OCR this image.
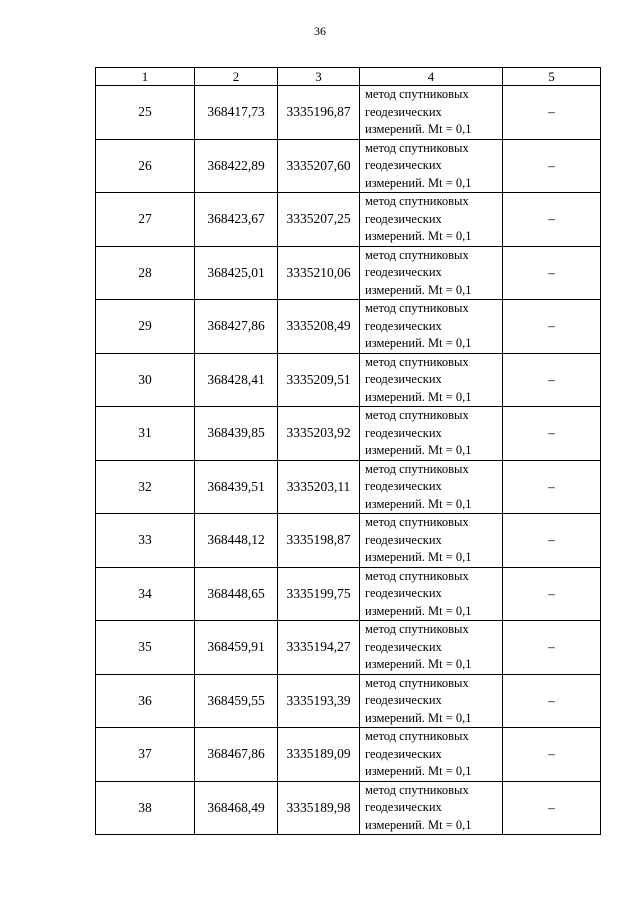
36
1	2	3	4	5
25	368417,73	3335196,87	метод спутниковых
геодезических
измерений. Mt = 0,1	–
26	368422,89	3335207,60	метод спутниковых
геодезических
измерений. Mt = 0,1	–
27	368423,67	3335207,25	метод спутниковых
геодезических
измерений. Mt = 0,1	–
28	368425,01	3335210,06	метод спутниковых
геодезических
измерений. Mt = 0,1	–
29	368427,86	3335208,49	метод спутниковых
геодезических
измерений. Mt = 0,1	–
30	368428,41	3335209,51	метод спутниковых
геодезических
измерений. Mt = 0,1	–
31	368439,85	3335203,92	метод спутниковых
геодезических
измерений. Mt = 0,1	–
32	368439,51	3335203,11	метод спутниковых
геодезических
измерений. Mt = 0,1	–
33	368448,12	3335198,87	метод спутниковых
геодезических
измерений. Mt = 0,1	–
34	368448,65	3335199,75	метод спутниковых
геодезических
измерений. Mt = 0,1	–
35	368459,91	3335194,27	метод спутниковых
геодезических
измерений. Mt = 0,1	–
36	368459,55	3335193,39	метод спутниковых
геодезических
измерений. Mt = 0,1	–
37	368467,86	3335189,09	метод спутниковых
геодезических
измерений. Mt = 0,1	–
38	368468,49	3335189,98	метод спутниковых
геодезических
измерений. Mt = 0,1	–
